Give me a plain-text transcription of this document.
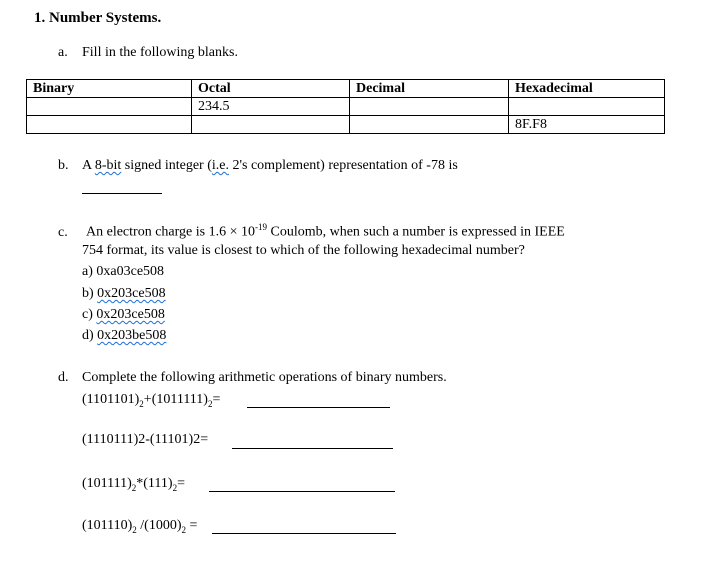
1. Number Systems.
a. Fill in the following blanks.
Binary	Octal	Decimal	Hexadecimal
	234.5		
			8F.F8
b. A 8-bit signed integer (i.e. 2's complement) representation of -78 is
c. An electron charge is $1.6 \times 10^{-19}$ Coulomb, when such a number is expressed in IEEE
754 format, its value is closest to which of the following hexadecimal number?
a) 0xa03ce508
b) 0x203ce508
c) 0x203ce508
d) 0x203be508
d. Complete the following arithmetic operations of binary numbers.
$(1101101)_2+(1011111)_2=$
(1110111)2-(11101)2=
$(101111)_2*(111)_2=$
$(101110)_2$ $/(1000)_2$ =
